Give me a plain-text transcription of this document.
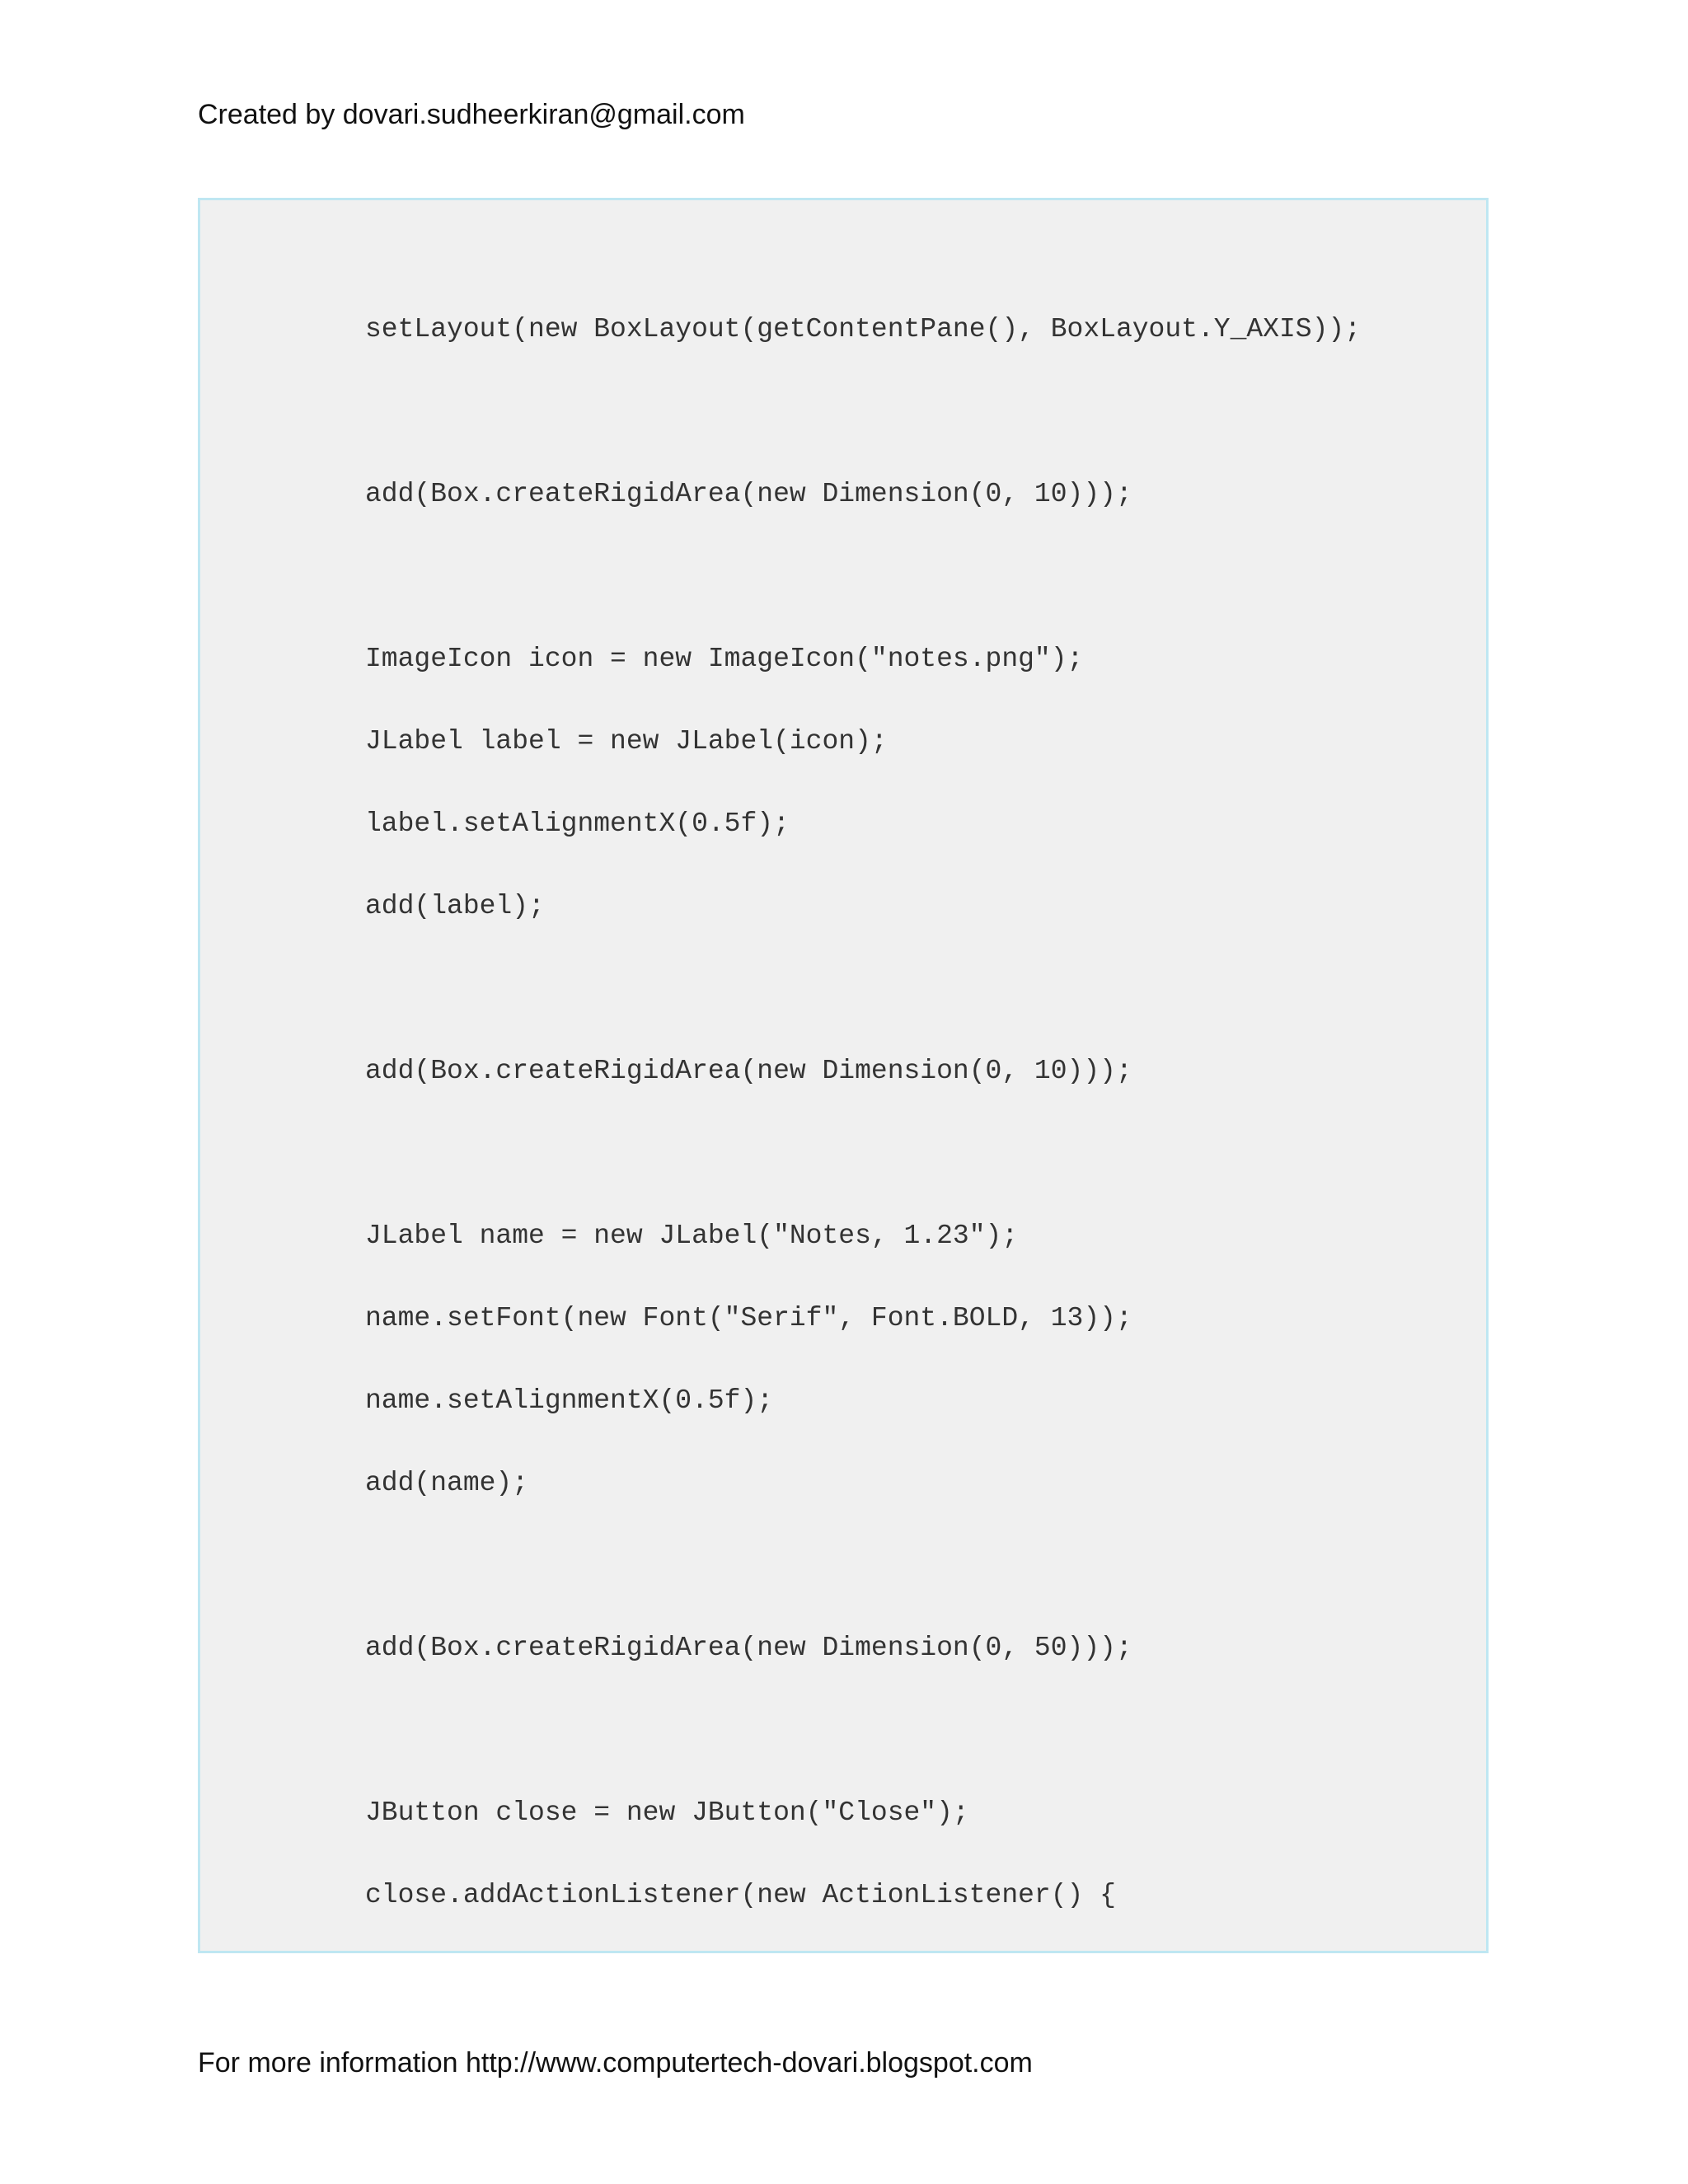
Created by dovari.sudheerkiran@gmail.com
setLayout(new BoxLayout(getContentPane(), BoxLayout.Y_AXIS));
add(Box.createRigidArea(new Dimension(0, 10)));
ImageIcon icon = new ImageIcon("notes.png");
JLabel label = new JLabel(icon);
label.setAlignmentX(0.5f);
add(label);
add(Box.createRigidArea(new Dimension(0, 10)));
JLabel name = new JLabel("Notes, 1.23");
name.setFont(new Font("Serif", Font.BOLD, 13));
name.setAlignmentX(0.5f);
add(name);
add(Box.createRigidArea(new Dimension(0, 50)));
JButton close = new JButton("Close");
close.addActionListener(new ActionListener() {
For more information http://www.computertech-dovari.blogspot.com
